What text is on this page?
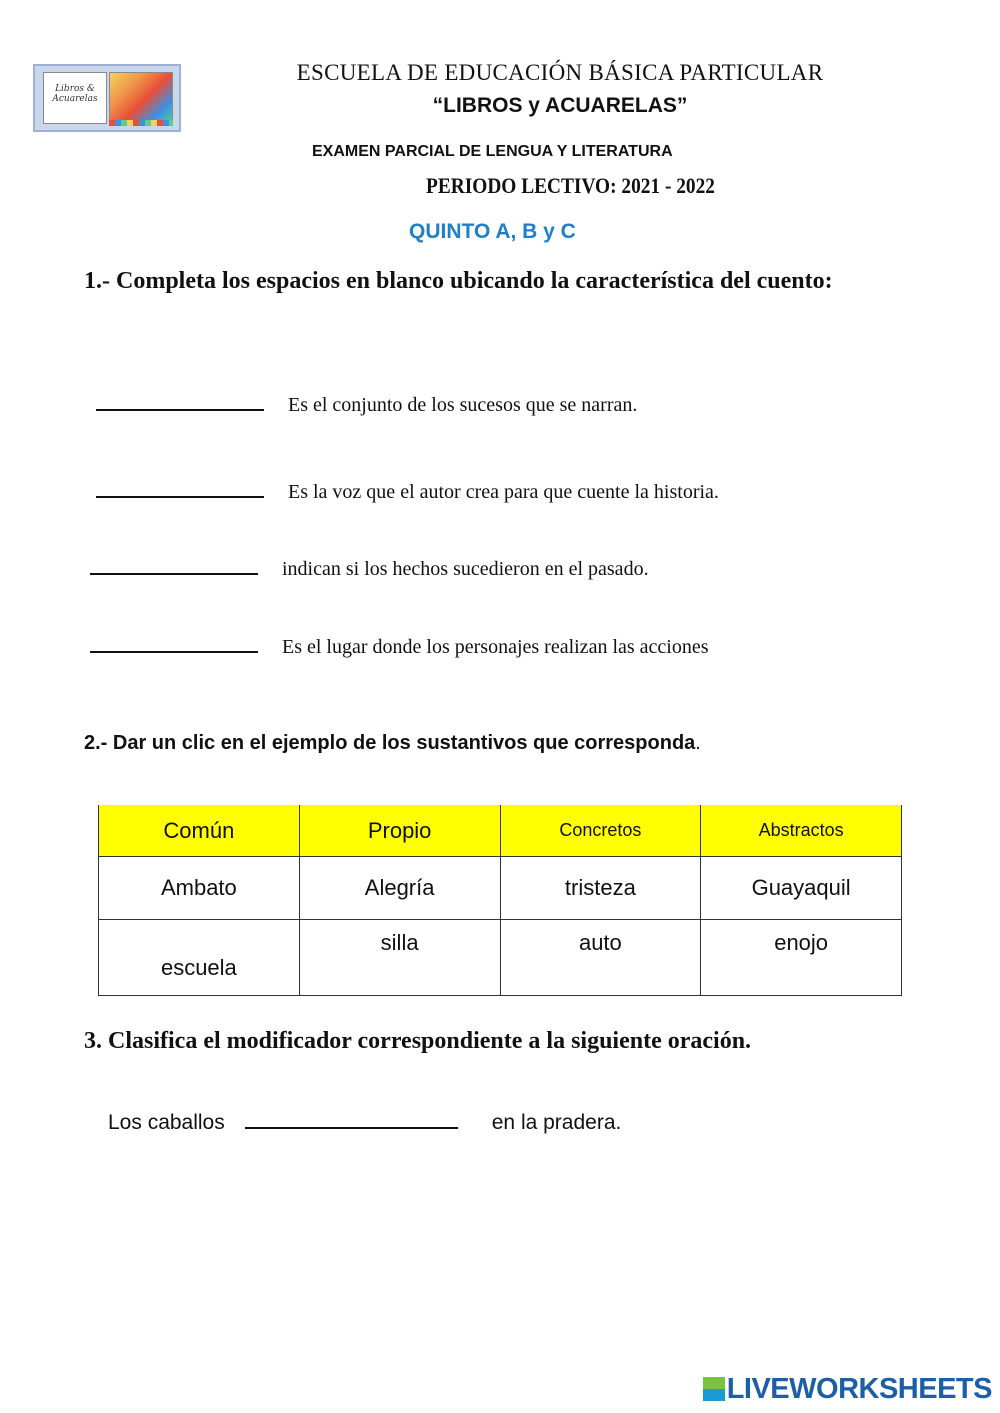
Libros & Acuarelas
ESCUELA DE EDUCACIÓN BÁSICA PARTICULAR
“LIBROS y ACUARELAS”
EXAMEN PARCIAL DE LENGUA Y LITERATURA
PERIODO LECTIVO: 2021 - 2022
QUINTO A, B y C
1.- Completa los espacios en blanco ubicando la característica del cuento:
Es el conjunto de los sucesos que se narran.
Es la voz que el autor crea para que cuente la historia.
indican si los hechos sucedieron en el pasado.
Es el lugar donde los personajes realizan las acciones
2.- Dar un clic en el ejemplo de los sustantivos que corresponda.
Común	Propio	Concretos	Abstractos
Ambato	Alegría	tristeza	Guayaquil
escuela	silla	auto	enojo
3. Clasifica el modificador correspondiente a la siguiente oración.
Los caballos	en la pradera.
LIVEWORKSHEETS
